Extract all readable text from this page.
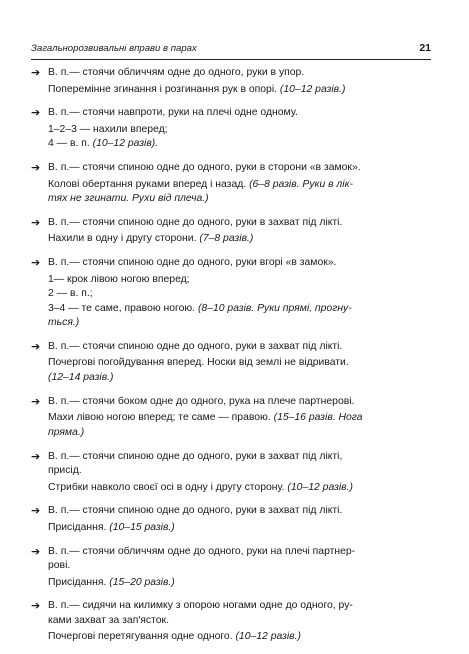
Загальнорозвивальні вправи в парах	21
➔ В. п.— стоячи обличчям одне до одного, руки в упор.
Поперемінне згинання і розгинання рук в опорі. (10–12 разів.)
➔ В. п.— стоячи навпроти, руки на плечі одне одному.
1–2–3 — нахили вперед;
4 — в. п. (10–12 разів).
➔ В. п.— стоячи спиною одне до одного, руки в сторони «в замок».
Колові обертання руками вперед і назад. (6–8 разів. Руки в лік-
тях не згинати. Рухи від плеча.)
➔ В. п.— стоячи спиною одне до одного, руки в захват під лікті.
Нахили в одну і другу сторони. (7–8 разів.)
➔ В. п.— стоячи спиною одне до одного, руки вгорі «в замок».
1— крок лівою ногою вперед;
2 — в. п.;
3–4 — те саме, правою ногою. (8–10 разів. Руки прямі, прогну-
ться.)
➔ В. п.— стоячи спиною одне до одного, руки в захват під лікті.
Почергові погойдування вперед. Носки від землі не відривати.
(12–14 разів.)
➔ В. п.— стоячи боком одне до одного, рука на плече партнерові.
Махи лівою ногою вперед; те саме — правою. (15–16 разів. Нога
пряма.)
➔ В. п.— стоячи спиною одне до одного, руки в захват під лікті,
присід.
Стрибки навколо своєї осі в одну і другу сторону. (10–12 разів.)
➔ В. п.— стоячи спиною одне до одного, руки в захват під лікті.
Присідання. (10–15 разів.)
➔ В. п.— стоячи обличчям одне до одного, руки на плечі партнер-
рові.
Присідання. (15–20 разів.)
➔ В. п.— сидячи на килимку з опорою ногами одне до одного, ру-
ками захват за зап'ясток.
Почергові перетягування одне одного. (10–12 разів.)
